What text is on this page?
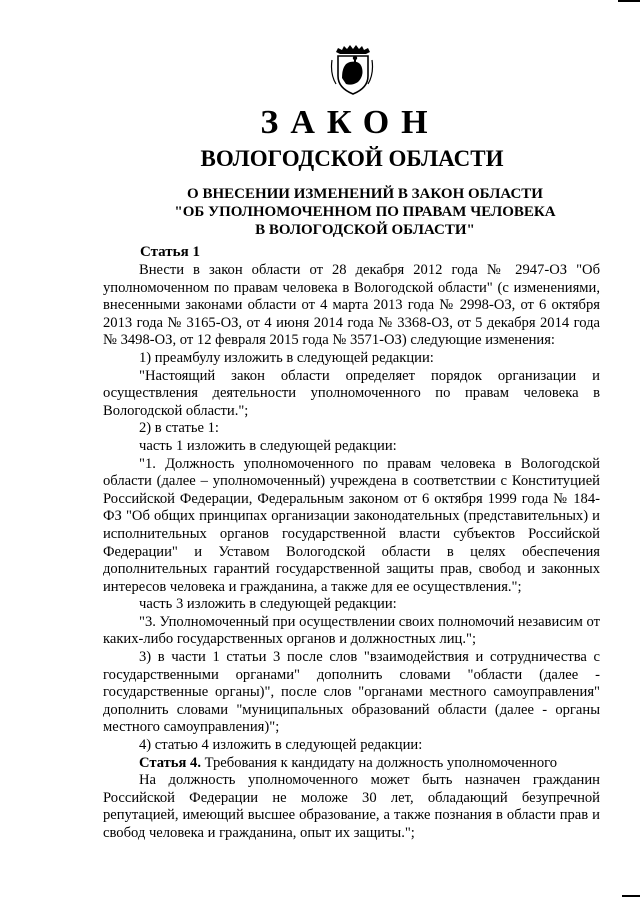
ЗАКОН
ВОЛОГОДСКОЙ ОБЛАСТИ
О ВНЕСЕНИИ ИЗМЕНЕНИЙ В ЗАКОН ОБЛАСТИ
"ОБ УПОЛНОМОЧЕННОМ ПО ПРАВАМ ЧЕЛОВЕКА
В ВОЛОГОДСКОЙ ОБЛАСТИ"
Статья 1

Внести в закон области от 28 декабря 2012 года № 2947-ОЗ "Об уполномоченном по правам человека в Вологодской области" (с изменениями, внесенными законами области от 4 марта 2013 года № 2998-ОЗ, от 6 октября 2013 года № 3165-ОЗ, от 4 июня 2014 года № 3368-ОЗ, от 5 декабря 2014 года № 3498-ОЗ, от 12 февраля 2015 года № 3571-ОЗ) следующие изменения:

1) преамбулу изложить в следующей редакции:

"Настоящий закон области определяет порядок организации и осуществления деятельности уполномоченного по правам человека в Вологодской области.";

2) в статье 1:

часть 1 изложить в следующей редакции:

"1. Должность уполномоченного по правам человека в Вологодской области (далее – уполномоченный) учреждена в соответствии с Конституцией Российской Федерации, Федеральным законом от 6 октября 1999 года № 184-ФЗ "Об общих принципах организации законодательных (представительных) и исполнительных органов государственной власти субъектов Российской Федерации" и Уставом Вологодской области в целях обеспечения дополнительных гарантий государственной защиты прав, свобод и законных интересов человека и гражданина, а также для ее осуществления.";

часть 3 изложить в следующей редакции:

"3. Уполномоченный при осуществлении своих полномочий независим от каких-либо государственных органов и должностных лиц.";

3) в части 1 статьи 3 после слов "взаимодействия и сотрудничества с государственными органами" дополнить словами "области (далее - государственные органы)", после слов "органами местного самоуправления" дополнить словами "муниципальных образований области (далее - органы местного самоуправления)";

4) статью 4 изложить в следующей редакции:

Статья 4. Требования к кандидату на должность уполномоченного

На должность уполномоченного может быть назначен гражданин Российской Федерации не моложе 30 лет, обладающий безупречной репутацией, имеющий высшее образование, а также познания в области прав и свобод человека и гражданина, опыт их защиты.";
